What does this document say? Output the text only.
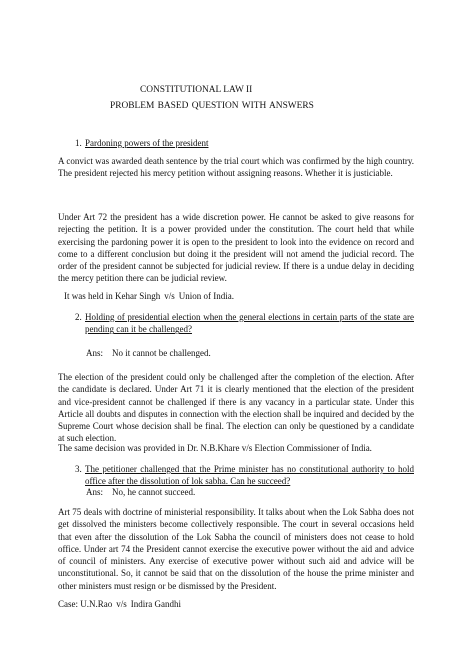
CONSTITUTIONAL LAW II
PROBLEM BASED QUESTION WITH ANSWERS
1. Pardoning powers of the president

A convict was awarded death sentence by the trial court which was confirmed by the high country. The president rejected his mercy petition without assigning reasons. Whether it is justiciable.

Under Art 72 the president has a wide discretion power. He cannot be asked to give reasons for rejecting the petition. It is a power provided under the constitution. The court held that while exercising the pardoning power it is open to the president to look into the evidence on record and come to a different conclusion but doing it the president will not amend the judicial record. The order of the president cannot be subjected for judicial review. If there is a undue delay in deciding the mercy petition there can be judicial review.

It was held in Kehar Singh v/s Union of India.

2. Holding of presidential election when the general elections in certain parts of the state are pending can it be challenged?

Ans: No it cannot be challenged.

The election of the president could only be challenged after the completion of the election. After the candidate is declared. Under Art 71 it is clearly mentioned that the election of the president and vice-president cannot be challenged if there is any vacancy in a particular state. Under this Article all doubts and disputes in connection with the election shall be inquired and decided by the Supreme Court whose decision shall be final. The election can only be questioned by a candidate at such election.

The same decision was provided in Dr. N.B.Khare v/s Election Commissioner of India.

3. The petitioner challenged that the Prime minister has no constitutional authority to hold office after the dissolution of lok sabha. Can he succeed?

Ans: No, he cannot succeed.

Art 75 deals with doctrine of ministerial responsibility. It talks about when the Lok Sabha does not get dissolved the ministers become collectively responsible. The court in several occasions held that even after the dissolution of the Lok Sabha the council of ministers does not cease to hold office. Under art 74 the President cannot exercise the executive power without the aid and advice of council of ministers. Any exercise of executive power without such aid and advice will be unconstitutional. So, it cannot be said that on the dissolution of the house the prime minister and other ministers must resign or be dismissed by the President.

Case: U.N.Rao v/s Indira Gandhi
